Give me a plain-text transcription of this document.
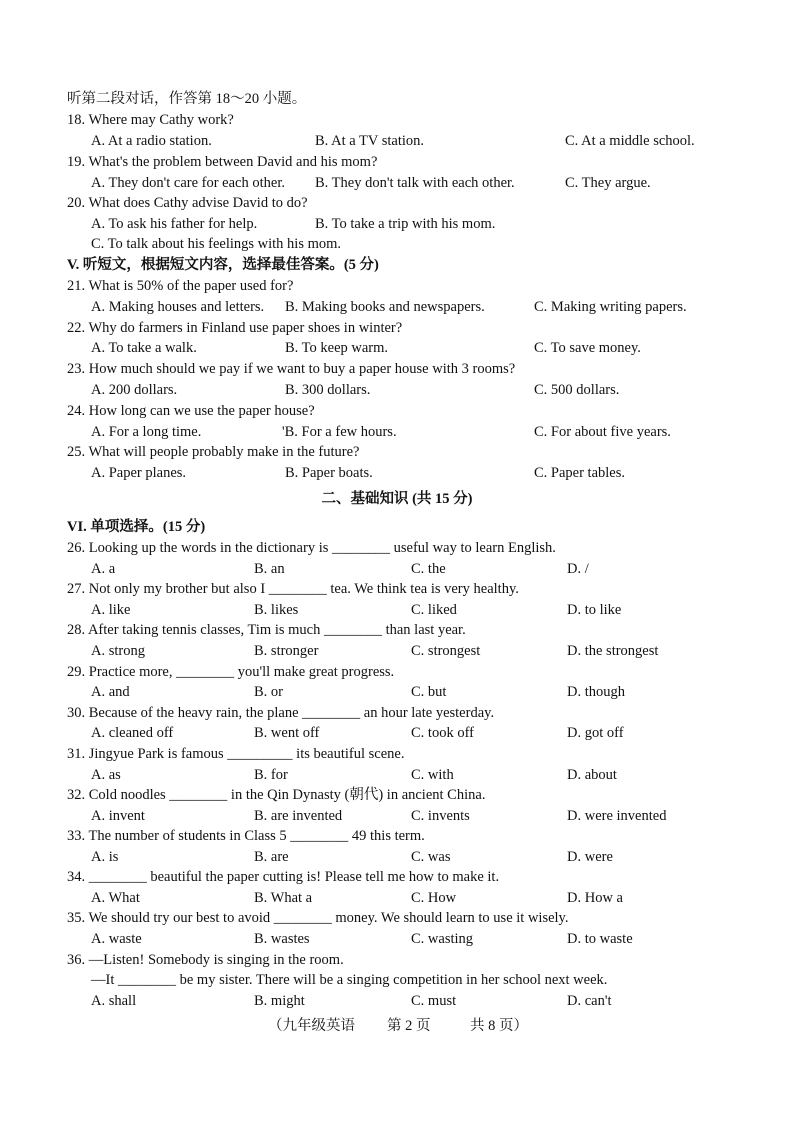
听第二段对话，作答第 18～20 小题。
18. Where may Cathy work?
A. At a radio station.	B. At a TV station.	C. At a middle school.
19. What's the problem between David and his mom?
A. They don't care for each other. B. They don't talk with each other.	C. They argue.
20. What does Cathy advise David to do?
A. To ask his father for help.	B. To take a trip with his mom.
C. To talk about his feelings with his mom.
V. 听短文，根据短文内容，选择最佳答案。(5 分)
21. What is 50% of the paper used for?
A. Making houses and letters. B. Making books and newspapers.	C. Making writing papers.
22. Why do farmers in Finland use paper shoes in winter?
A. To take a walk.	B. To keep warm.	C. To save money.
23. How much should we pay if we want to buy a paper house with 3 rooms?
A. 200 dollars.	B. 300 dollars.	C. 500 dollars.
24. How long can we use the paper house?
A. For a long time.	'B. For a few hours.	C. For about five years.
25. What will people probably make in the future?
A. Paper planes.	B. Paper boats.	C. Paper tables.
二、基础知识 (共 15 分)
VI. 单项选择。(15 分)
26. Looking up the words in the dictionary is ________ useful way to learn English.
A. a	B. an	C. the	D. /
27. Not only my brother but also I ________ tea. We think tea is very healthy.
A. like	B. likes	C. liked	D. to like
28. After taking tennis classes, Tim is much ________ than last year.
A. strong	B. stronger	C. strongest	D. the strongest
29. Practice more, ________ you'll make great progress.
A. and	B. or	C. but	D. though
30. Because of the heavy rain, the plane ________ an hour late yesterday.
A. cleaned off	B. went off	C. took off	D. got off
31. Jingyue Park is famous _________ its beautiful scene.
A. as	B. for	C. with	D. about
32. Cold noodles ________ in the Qin Dynasty (朝代) in ancient China.
A. invent	B. are invented	C. invents	D. were invented
33. The number of students in Class 5 ________ 49 this term.
A. is	B. are	C. was	D. were
34. ________ beautiful the paper cutting is! Please tell me how to make it.
A. What	B. What a	C. How	D. How a
35. We should try our best to avoid ________ money. We should learn to use it wisely.
A. waste	B. wastes	C. wasting	D. to waste
36. —Listen! Somebody is singing in the room.
—It ________ be my sister. There will be a singing competition in her school next week.
A. shall	B. might	C. must	D. can't
（九年级英语 第 2 页	共 8 页）
